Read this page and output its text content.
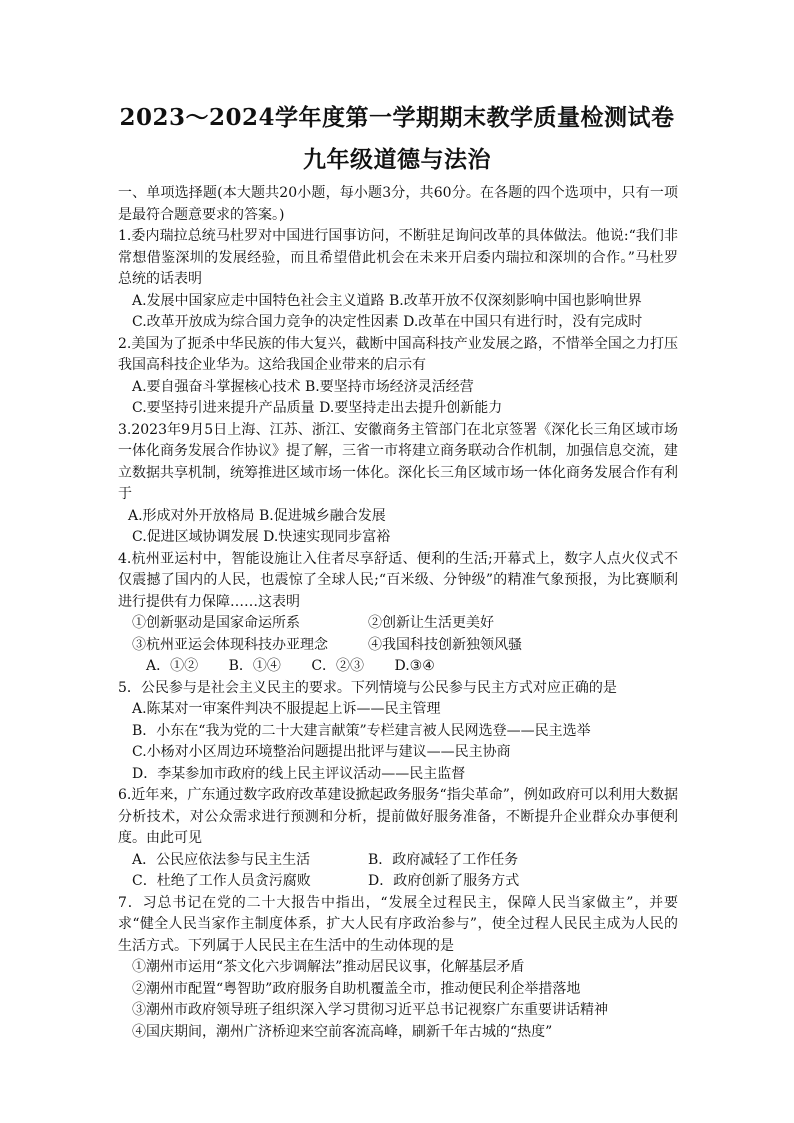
2023～2024学年度第一学期期末教学质量检测试卷
九年级道德与法治

一、单项选择题(本大题共20小题，每小题3分，共60分。在各题的四个选项中，只有一项是最符合题意要求的答案。)

1.委内瑞拉总统马杜罗对中国进行国事访问，不断驻足询问改革的具体做法。他说:“我们非常想借鉴深圳的发展经验，而且希望借此机会在未来开启委内瑞拉和深圳的合作。”马杜罗总统的话表明

A.发展中国家应走中国特色社会主义道路 B.改革开放不仅深刻影响中国也影响世界

C.改革开放成为综合国力竞争的决定性因素 D.改革在中国只有进行时，没有完成时

2.美国为了扼杀中华民族的伟大复兴，截断中国高科技产业发展之路，不惜举全国之力打压我国高科技企业华为。这给我国企业带来的启示有

A.要自强奋斗掌握核心技术 B.要坚持市场经济灵活经营

C.要坚持引进来提升产品质量 D.要坚持走出去提升创新能力

3.2023年9月5日上海、江苏、浙江、安徽商务主管部门在北京签署《深化长三角区域市场一体化商务发展合作协议》提了解，三省一市将建立商务联动合作机制，加强信息交流，建立数据共享机制，统筹推进区域市场一体化。深化长三角区域市场一体化商务发展合作有利于

A.形成对外开放格局 B.促进城乡融合发展

C.促进区域协调发展 D.快速实现同步富裕

4.杭州亚运村中，智能设施让入住者尽享舒适、便利的生活;开幕式上，数字人点火仪式不仅震撼了国内的人民，也震惊了全球人民;“百米级、分钟级”的精准气象预报，为比赛顺利进行提供有力保障……这表明

①创新驱动是国家命运所系	②创新让生活更美好
③杭州亚运会体现科技办亚理念	④我国科技创新独领风骚

A．①② B．①④ C．②③ D.③④

5．公民参与是社会主义民主的要求。下列情境与公民参与民主方式对应正确的是

A.陈某对一审案件判决不服提起上诉——民主管理

B．小东在“我为党的二十大建言献策”专栏建言被人民网选登——民主选举

C.小杨对小区周边环境整治问题提出批评与建议——民主协商

D．李某参加市政府的线上民主评议活动——民主监督

6.近年来，广东通过数字政府改革建设掀起政务服务“指尖革命”，例如政府可以利用大数据分析技术，对公众需求进行预测和分析，提前做好服务准备，不断提升企业群众办事便利度。由此可见

A．公民应依法参与民主生活	B．政府减轻了工作任务
C．杜绝了工作人员贪污腐败	D．政府创新了服务方式

7．习总书记在党的二十大报告中指出，“发展全过程民主，保障人民当家做主”，并要求“健全人民当家作主制度体系，扩大人民有序政治参与”，使全过程人民民主成为人民的生活方式。下列属于人民民主在生活中的生动体现的是

①潮州市运用“茶文化六步调解法”推动居民议事，化解基层矛盾

②潮州市配置“粤智助”政府服务自助机覆盖全市，推动便民利企举措落地

③潮州市政府领导班子组织深入学习贯彻习近平总书记视察广东重要讲话精神

④国庆期间，潮州广济桥迎来空前客流高峰，刷新千年古城的“热度”
